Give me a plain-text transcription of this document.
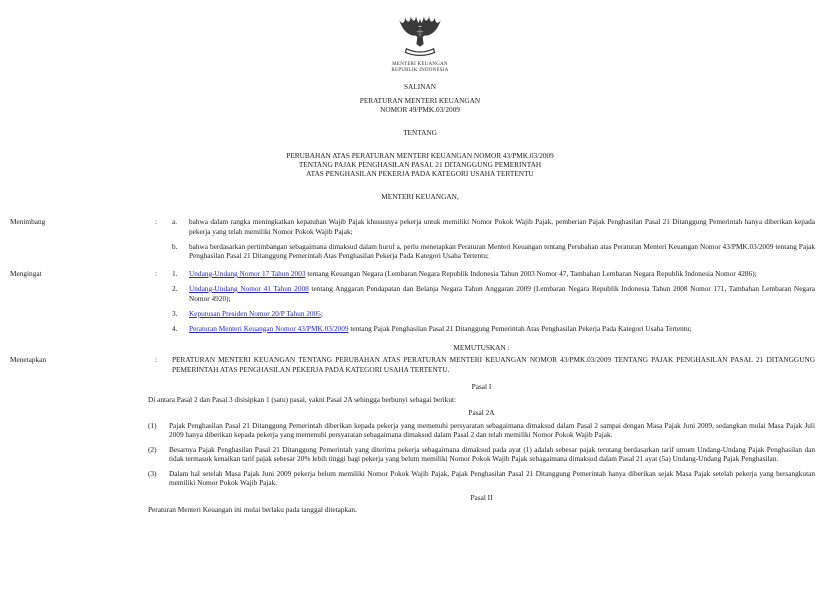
MENTERI KEUANGAN
REPUBLIK INDONESIA
SALINAN
PERATURAN MENTERI KEUANGAN
NOMOR 49/PMK.03/2009
TENTANG
PERUBAHAN ATAS PERATURAN MENTERI KEUANGAN NOMOR 43/PMK.03/2009
TENTANG PAJAK PENGHASILAN PASAL 21 DITANGGUNG PEMERINTAH
ATAS PENGHASILAN PEKERJA PADA KATEGORI USAHA TERTENTU
MENTERI KEUANGAN,
Menimbang	:	a.	bahwa dalam rangka meningkatkan kepatuhan Wajib Pajak khususnya pekerja untuk memiliki Nomor Pokok Wajib Pajak, pemberian Pajak Penghasilan Pasal 21 Ditanggung Pemerintah hanya diberikan kepada pekerja yang telah memiliki Nomor Pokok Wajib Pajak;
b.	bahwa berdasarkan pertimbangan sebagaimana dimaksud dalam huruf a, perlu menetapkan Peraturan Menteri Keuangan tentang Perubahan atas Peraturan Menteri Keuangan Nomor 43/PMK.03/2009 tentang Pajak Penghasilan Pasal 21 Ditanggung Pemerintah Atas Penghasilan Pekerja Pada Kategori Usaha Tertentu;
Mengingat	:	1.	Undang-Undang Nomor 17 Tahun 2003 tentang Keuangan Negara (Lembaran Negara Republik Indonesia Tahun 2003 Nomor 47, Tambahan Lembaran Negara Republik Indonesia Nomor 4286);
2.	Undang-Undang Nomor 41 Tahun 2008 tentang Anggaran Pendapatan dan Belanja Negara Tahun Anggaran 2009 (Lembaran Negara Republik Indonesia Tahun 2008 Nomor 171, Tambahan Lembaran Negara Nomor 4920);
3.	Keputusan Presiden Nomor 20/P Tahun 2005;
4.	Peraturan Menteri Keuangan Nomor 43/PMK.03/2009 tentang Pajak Penghasilan Pasal 21 Ditanggung Pemerintah Atas Penghasilan Pekerja Pada Kategori Usaha Tertentu;
MEMUTUSKAN :
Menetapkan	:	PERATURAN MENTERI KEUANGAN TENTANG PERUBAHAN ATAS PERATURAN MENTERI KEUANGAN NOMOR 43/PMK.03/2009 TENTANG PAJAK PENGHASILAN PASAL 21 DITANGGUNG PEMERINTAH ATAS PENGHASILAN PEKERJA PADA KATEGORI USAHA TERTENTU.
Pasal I
Di antara Pasal 2 dan Pasal 3 disisipkan 1 (satu) pasal, yakni Pasal 2A sehingga berbunyi sebagai berikut:
Pasal 2A
(1)	Pajak Penghasilan Pasal 21 Ditanggung Pemerintah diberikan kepada pekerja yang memenuhi persyaratan sebagaimana dimaksud dalam Pasal 2 sampai dengan Masa Pajak Juni 2009, sedangkan mulai Masa Pajak Juli 2009 hanya diberikan kepada pekerja yang memenuhi persyaratan sebagaimana dimaksud dalam Pasal 2 dan telah memiliki Nomor Pokok Wajib Pajak.
(2)	Besarnya Pajak Penghasilan Pasal 21 Ditanggung Pemerintah yang diterima pekerja sebagaimana dimaksud pada ayat (1) adalah sebesar pajak terutang berdasarkan tarif umum Undang-Undang Pajak Penghasilan dan tidak termasuk kenaikan tarif pajak sebesar 20% lebih tinggi bagi pekerja yang belum memiliki Nomor Pokok Wajib Pajak sebagaimana dimaksud dalam Pasal 21 ayat (5a) Undang-Undang Pajak Penghasilan.
(3)	Dalam hal setelah Masa Pajak Juni 2009 pekerja belum memiliki Nomor Pokok Wajib Pajak, Pajak Penghasilan Pasal 21 Ditanggung Pemerintah hanya diberikan sejak Masa Pajak setelah pekerja yang bersangkutan memiliki Nomor Pokok Wajib Pajak.
Pasal II
Peraturan Menteri Keuangan ini mulai berlaku pada tanggal ditetapkan.
